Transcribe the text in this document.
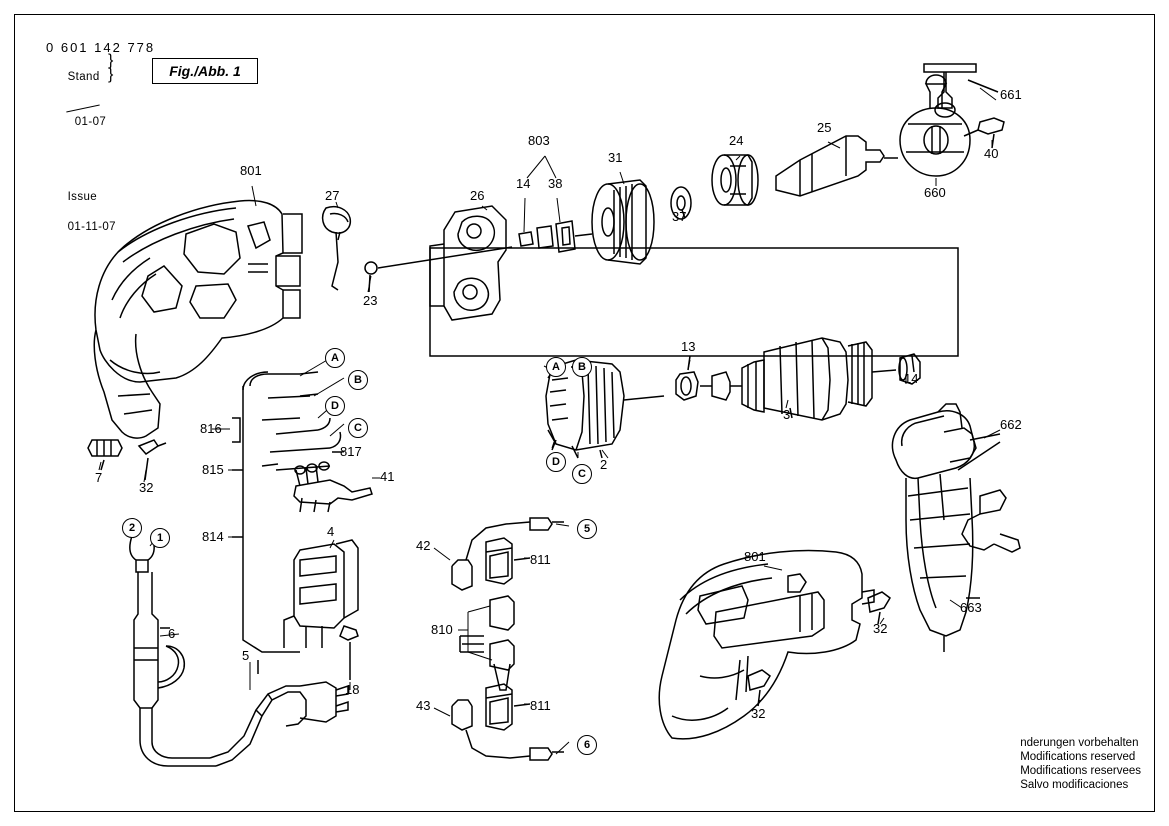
0 601 142 778

Stand

01-07

Issue

01-11-07

}
}	Fig./Abb. 1
801
27
23
26
14 38
803
31
37
24
25
660
661
40
13
3
14
2
7
32
816
817
815	41
814	4
18
6
5
42
811
810
43	811
801
32
32
662
663
A
B
D
C
A	B
D
C
2
1
5
6	nderungen vorbehalten
Modifications reserved
Modifications reservees
Salvo modificaciones
